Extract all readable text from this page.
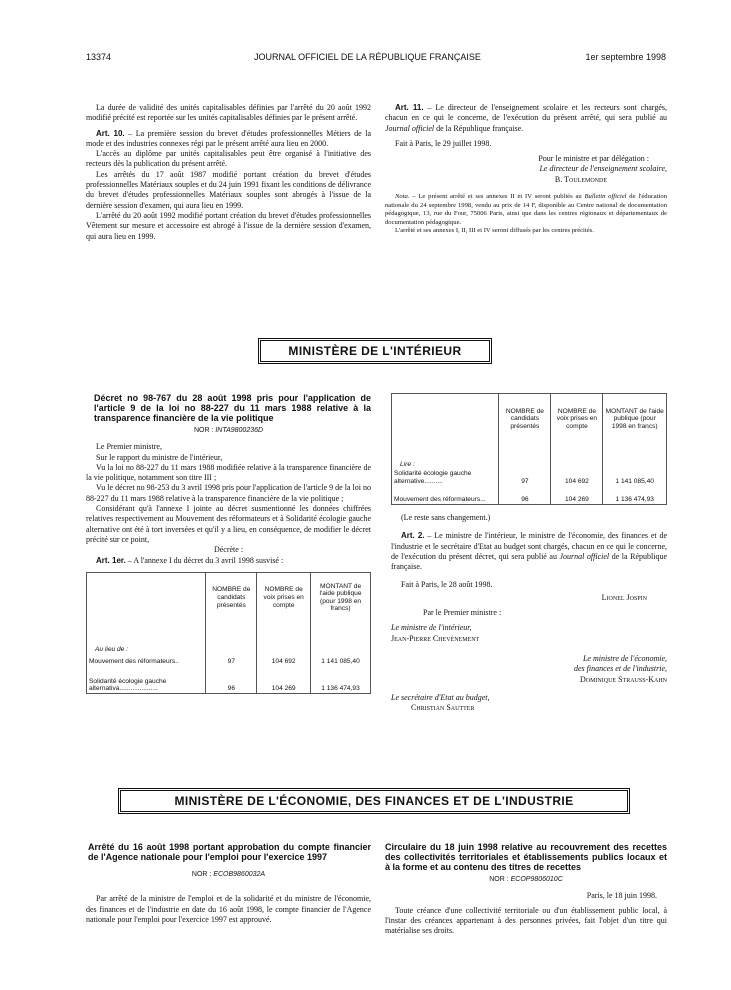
13374	JOURNAL OFFICIEL DE LA RÉPUBLIQUE FRANÇAISE	1er septembre 1998

La durée de validité des unités capitalisables définies par l'arrêté du 20 août 1992 modifié précité est reportée sur les unités capitalisables définies par le présent arrêté.

Art. 10. – La première session du brevet d'études professionnelles Métiers de la mode et des industries connexes régi par le présent arrêté aura lieu en 2000.

L'accès au diplôme par unités capitalisables peut être organisé à l'initiative des recteurs dès la publication du présent arrêté.

Les arrêtés du 17 août 1987 modifié portant création du brevet d'études professionnelles Matériaux souples et du 24 juin 1991 fixant les conditions de délivrance du brevet d'études professionnelles Matériaux souples sont abrogés à l'issue de la dernière session d'examen, qui aura lieu en 1999.

L'arrêté du 20 août 1992 modifié portant création du brevet d'études professionnelles Vêtement sur mesure et accessoire est abrogé à l'issue de la dernière session d'examen, qui aura lieu en 1999.

Art. 11. – Le directeur de l'enseignement scolaire et les recteurs sont chargés, chacun en ce qui le concerne, de l'exécution du présent arrêté, qui sera publié au Journal officiel de la République française.

Fait à Paris, le 29 juillet 1998.

Pour le ministre et par délégation :

Le directeur de l'enseignement scolaire,

B. Toulemonde

Nota. – Le présent arrêté et ses annexes II et IV seront publiés au Bulletin officiel de l'éducation nationale du 24 septembre 1998, vendu au prix de 14 F, disponible au Centre national de documentation pédagogique, 13, rue du Four, 75006 Paris, ainsi que dans les centres régionaux et départementaux de documentation pédagogique.

L'arrêté et ses annexes I, II, III et IV seront diffusés par les centres précités.

MINISTÈRE DE L'INTÉRIEUR
Décret no 98-767 du 28 août 1998 pris pour l'application de l'article 9 de la loi no 88-227 du 11 mars 1988 relative à la transparence financière de la vie politique
NOR : INTA9800236D

Le Premier ministre,

Sur le rapport du ministre de l'intérieur,

Vu la loi no 88-227 du 11 mars 1988 modifiée relative à la transparence financière de la vie politique, notamment son titre III ;

Vu le décret no 98-253 du 3 avril 1998 pris pour l'application de l'article 9 de la loi no 88-227 du 11 mars 1988 relative à la transparence financière de la vie politique ;

Considérant qu'à l'annexe I jointe au décret susmentionné les données chiffrées relatives respectivement au Mouvement des réformateurs et à Solidarité écologie gauche alternative ont été à tort inversées et qu'il y a lieu, en conséquence, de modifier le décret précité sur ce point,

Décrète :

Art. 1er. – A l'annexe I du décret du 3 avril 1998 susvisé :

	NOMBRE de candidats présentés	NOMBRE de voix prises en compte	MONTANT de l'aide publique (pour 1998 en francs)
Au lieu de :			
Mouvement des réformateurs..	97	104 692	1 141 085,40
Solidarité écologie gauche alternativa.....................	96	104 269	1 136 474,93
	NOMBRE de candidats présentés	NOMBRE de voix prises en compte	MONTANT de l'aide publique (pour 1998 en francs)
Lire :			
Solidarité écologie gauche alternative..........	97	104 692	1 141 085,40
Mouvement des réformateurs...	96	104 269	1 136 474,93

(Le reste sans changement.)

Art. 2. – Le ministre de l'intérieur, le ministre de l'économie, des finances et de l'industrie et le secrétaire d'Etat au budget sont chargés, chacun en ce qui le concerne, de l'exécution du présent décret, qui sera publié au Journal officiel de la République française.

Fait à Paris, le 28 août 1998.

Lionel Jospin

Par le Premier ministre :

Le ministre de l'intérieur,

Jean-Pierre Chevènement

Le ministre de l'économie,

des finances et de l'industrie,

Dominique Strauss-Kahn

Le secrétaire d'Etat au budget,

Christian Sautter

MINISTÈRE DE L'ÉCONOMIE, DES FINANCES ET DE L'INDUSTRIE
Arrêté du 16 août 1998 portant approbation du compte financier de l'Agence nationale pour l'emploi pour l'exercice 1997
NOR : ECOB9860032A

Par arrêté de la ministre de l'emploi et de la solidarité et du ministre de l'économie, des finances et de l'industrie en date du 16 août 1998, le compte financier de l'Agence nationale pour l'emploi pour l'exercice 1997 est approuvé.

Circulaire du 18 juin 1998 relative au recouvrement des recettes des collectivités territoriales et établissements publics locaux et à la forme et au contenu des titres de recettes
NOR : ECOP9806010C

Paris, le 18 juin 1998.

Toute créance d'une collectivité territoriale ou d'un établissement public local, à l'instar des créances appartenant à des personnes privées, fait l'objet d'un titre qui matérialise ses droits.
